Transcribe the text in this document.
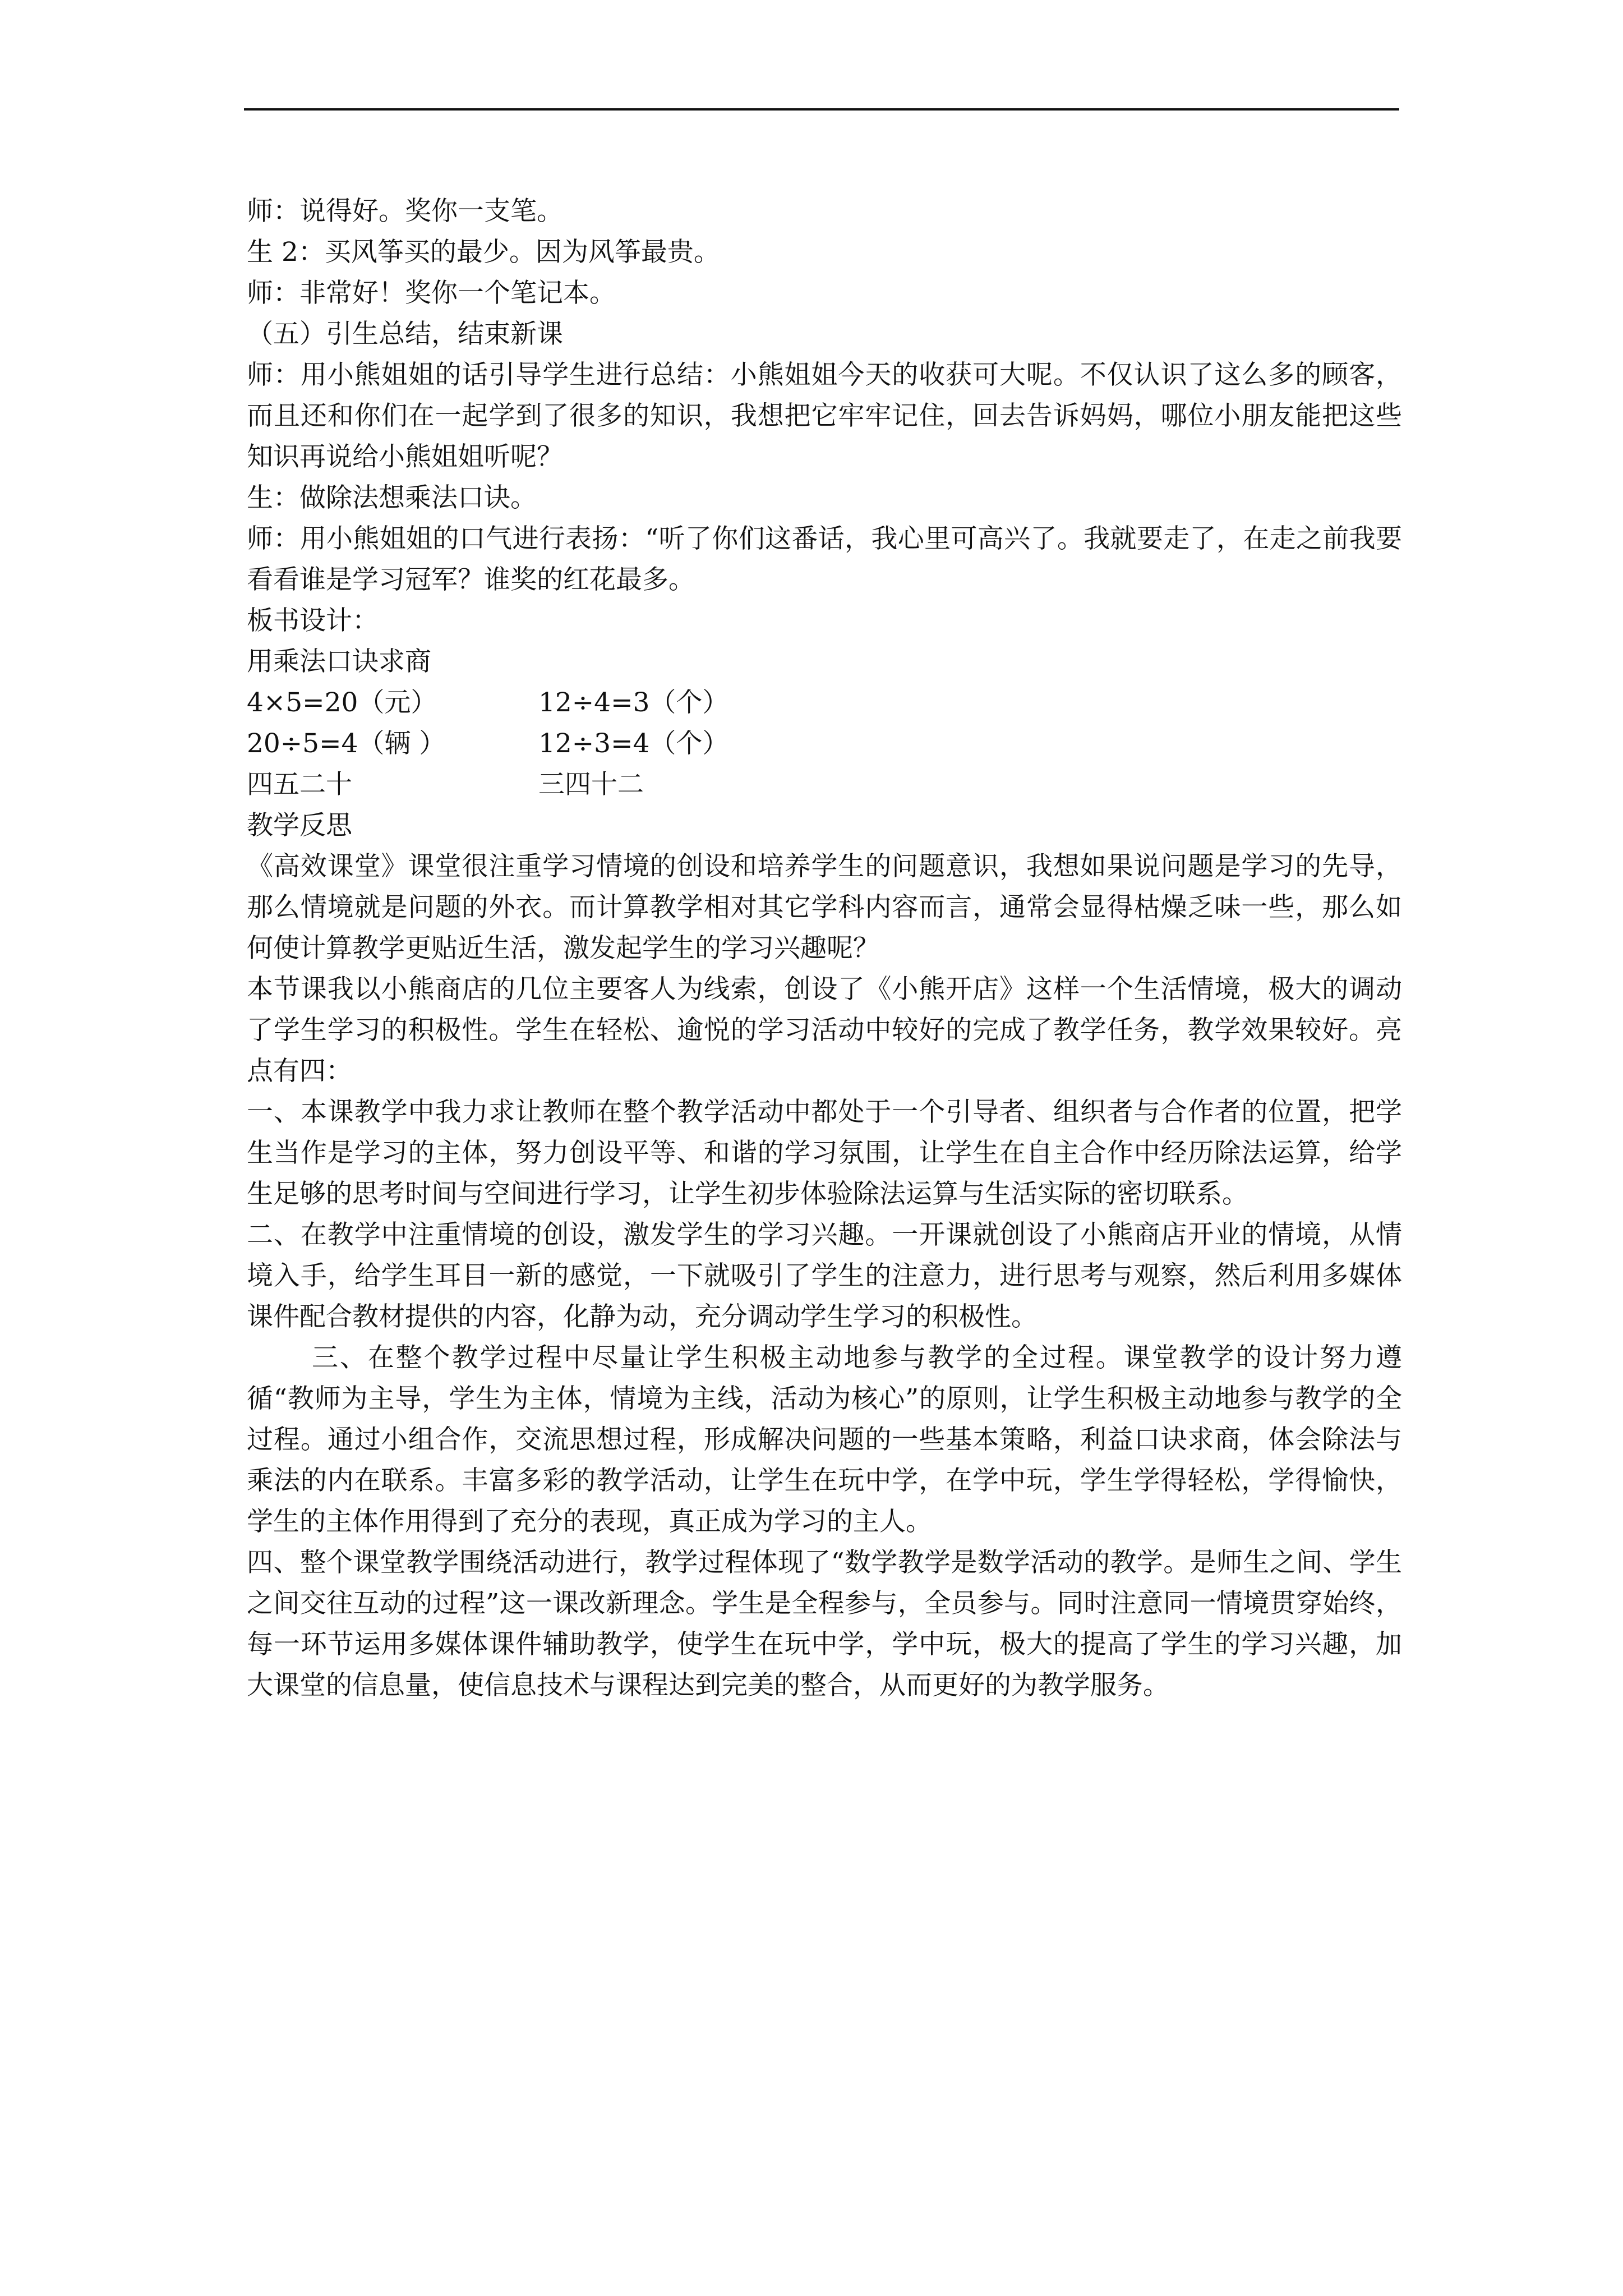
师：说得好。奖你一支笔。
生 2：买风筝买的最少。因为风筝最贵。
师：非常好！奖你一个笔记本。
（五）引生总结，结束新课
师：用小熊姐姐的话引导学生进行总结：小熊姐姐今天的收获可大呢。不仅认识了这么多的顾客，而且还和你们在一起学到了很多的知识，我想把它牢牢记住，回去告诉妈妈，哪位小朋友能把这些知识再说给小熊姐姐听呢？
生：做除法想乘法口诀。
师：用小熊姐姐的口气进行表扬：“听了你们这番话，我心里可高兴了。我就要走了，在走之前我要看看谁是学习冠军？谁奖的红花最多。
板书设计：
用乘法口诀求商
4×5=20（元）	12÷4=3（个）
20÷5=4（辆 ）	12÷3=4（个）
四五二十	三四十二
教学反思
《高效课堂》课堂很注重学习情境的创设和培养学生的问题意识，我想如果说问题是学习的先导，那么情境就是问题的外衣。而计算教学相对其它学科内容而言，通常会显得枯燥乏味一些，那么如何使计算教学更贴近生活，激发起学生的学习兴趣呢？
本节课我以小熊商店的几位主要客人为线索，创设了《小熊开店》这样一个生活情境，极大的调动了学生学习的积极性。学生在轻松、逾悦的学习活动中较好的完成了教学任务，教学效果较好。亮点有四：
一、本课教学中我力求让教师在整个教学活动中都处于一个引导者、组织者与合作者的位置，把学生当作是学习的主体，努力创设平等、和谐的学习氛围，让学生在自主合作中经历除法运算，给学生足够的思考时间与空间进行学习，让学生初步体验除法运算与生活实际的密切联系。
二、在教学中注重情境的创设，激发学生的学习兴趣。一开课就创设了小熊商店开业的情境，从情境入手，给学生耳目一新的感觉，一下就吸引了学生的注意力，进行思考与观察，然后利用多媒体课件配合教材提供的内容，化静为动，充分调动学生学习的积极性。
三、在整个教学过程中尽量让学生积极主动地参与教学的全过程。课堂教学的设计努力遵循“教师为主导，学生为主体，情境为主线，活动为核心”的原则，让学生积极主动地参与教学的全过程。通过小组合作，交流思想过程，形成解决问题的一些基本策略，利益口诀求商，体会除法与乘法的内在联系。丰富多彩的教学活动，让学生在玩中学，在学中玩，学生学得轻松，学得愉快，学生的主体作用得到了充分的表现，真正成为学习的主人。
四、整个课堂教学围绕活动进行，教学过程体现了“数学教学是数学活动的教学。是师生之间、学生之间交往互动的过程”这一课改新理念。学生是全程参与，全员参与。同时注意同一情境贯穿始终，每一环节运用多媒体课件辅助教学，使学生在玩中学，学中玩，极大的提高了学生的学习兴趣，加大课堂的信息量，使信息技术与课程达到完美的整合，从而更好的为教学服务。
